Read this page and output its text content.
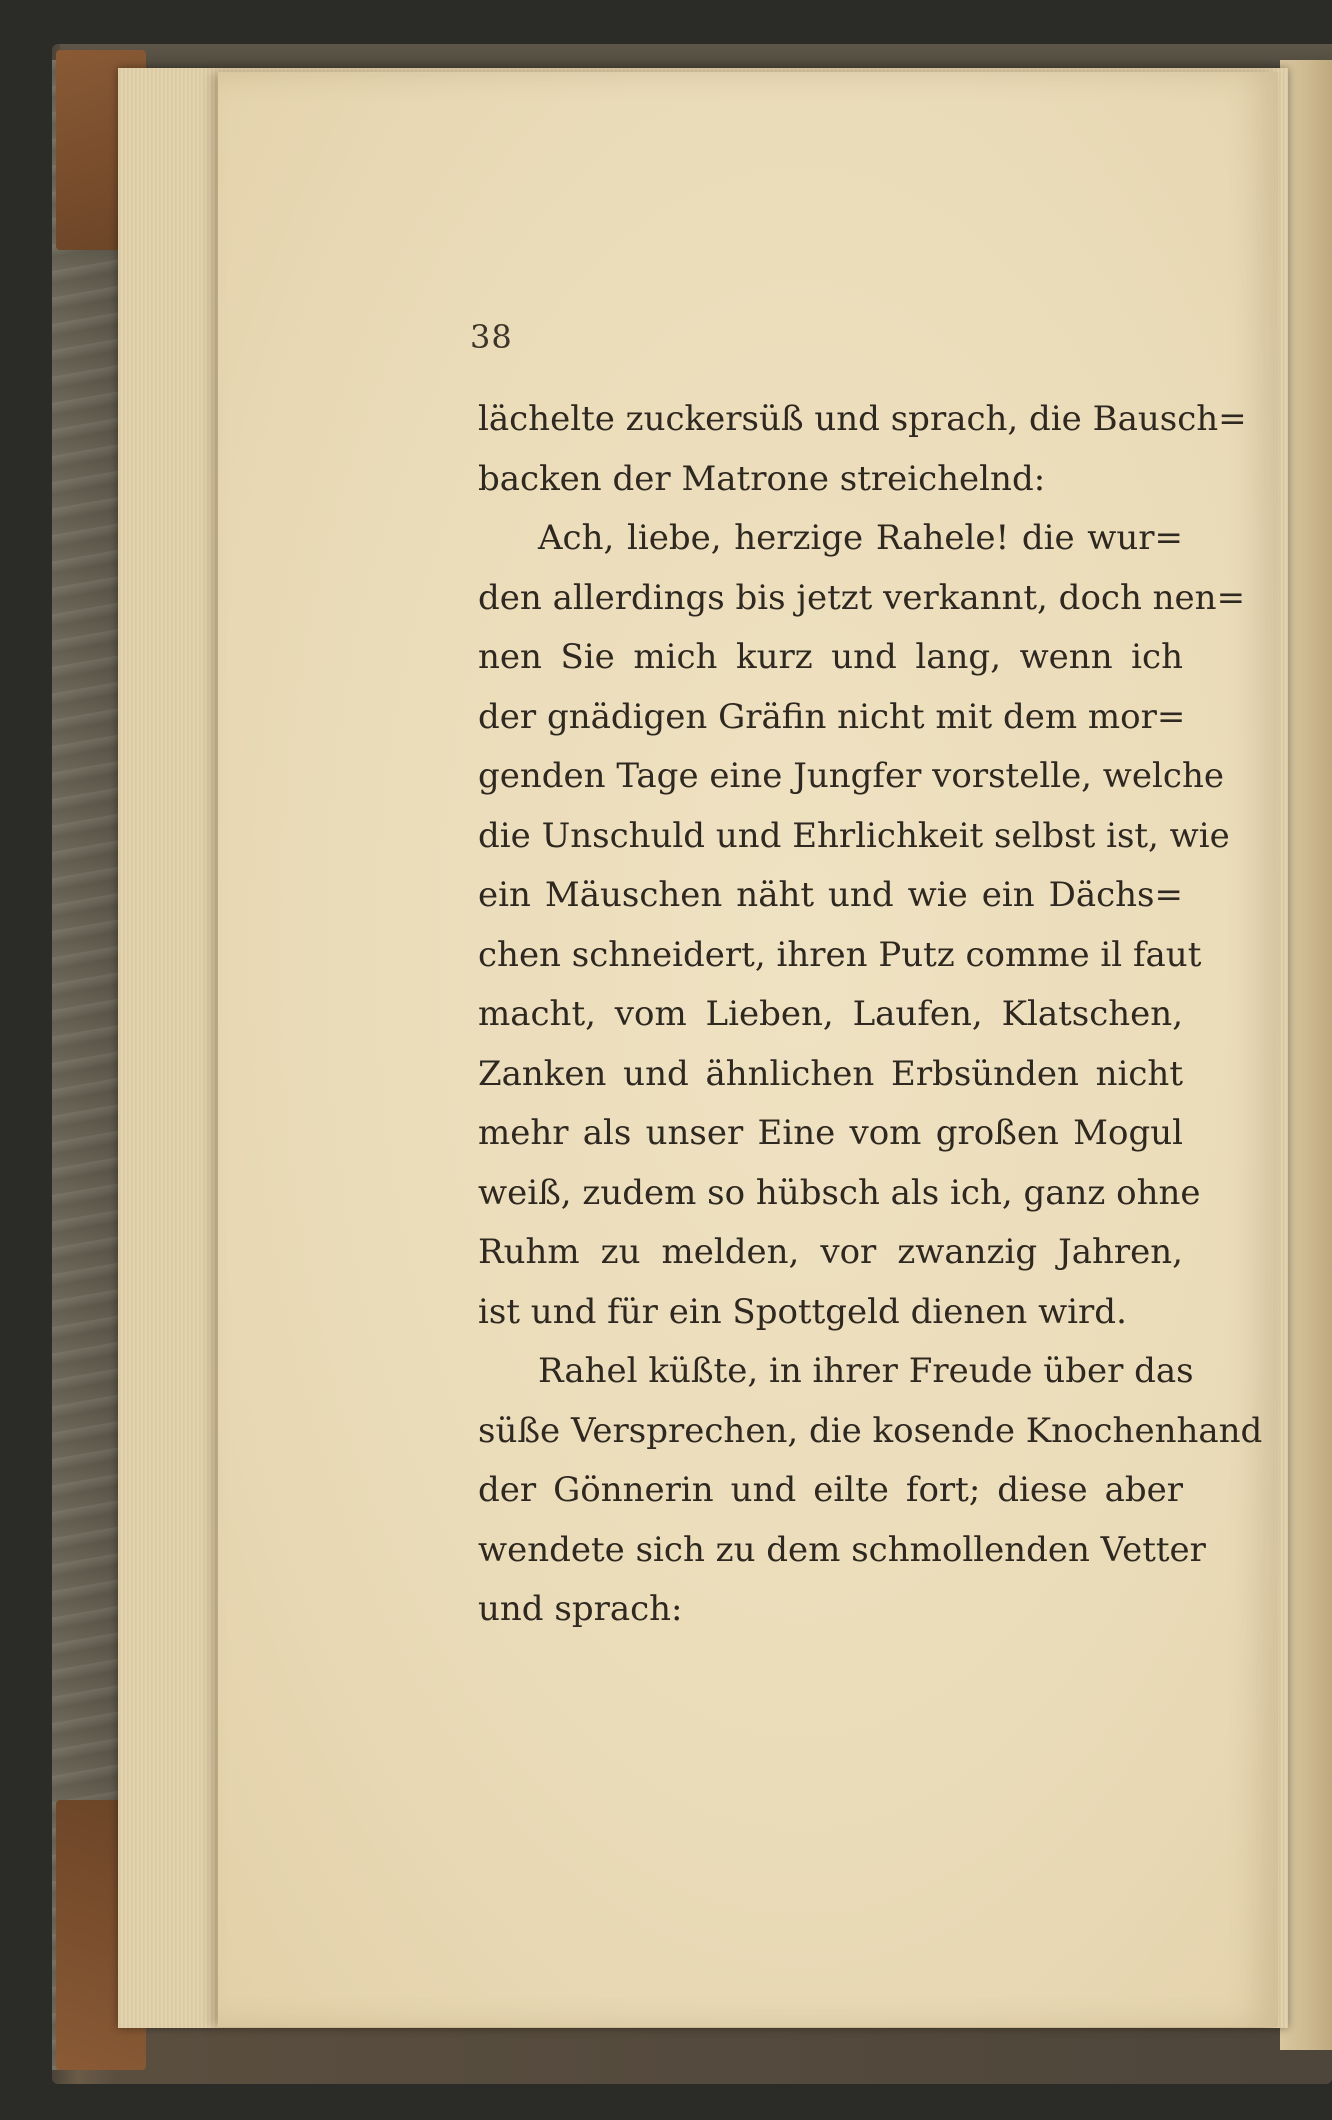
38
lächelte zuckersüß und sprach, die Bausch=
backen der Matrone streichelnd:
Ach, liebe, herzige Rahele! die wur=
den allerdings bis jetzt verkannt, doch nen=
nen Sie mich kurz und lang, wenn ich
der gnädigen Gräfin nicht mit dem mor=
genden Tage eine Jungfer vorstelle, welche
die Unschuld und Ehrlichkeit selbst ist, wie
ein Mäuschen näht und wie ein Dächs=
chen schneidert, ihren Putz comme il faut
macht, vom Lieben, Laufen, Klatschen,
Zanken und ähnlichen Erbsünden nicht
mehr als unser Eine vom großen Mogul
weiß, zudem so hübsch als ich, ganz ohne
Ruhm zu melden, vor zwanzig Jahren,
ist und für ein Spottgeld dienen wird.
Rahel küßte, in ihrer Freude über das
süße Versprechen, die kosende Knochenhand
der Gönnerin und eilte fort; diese aber
wendete sich zu dem schmollenden Vetter
und sprach:
